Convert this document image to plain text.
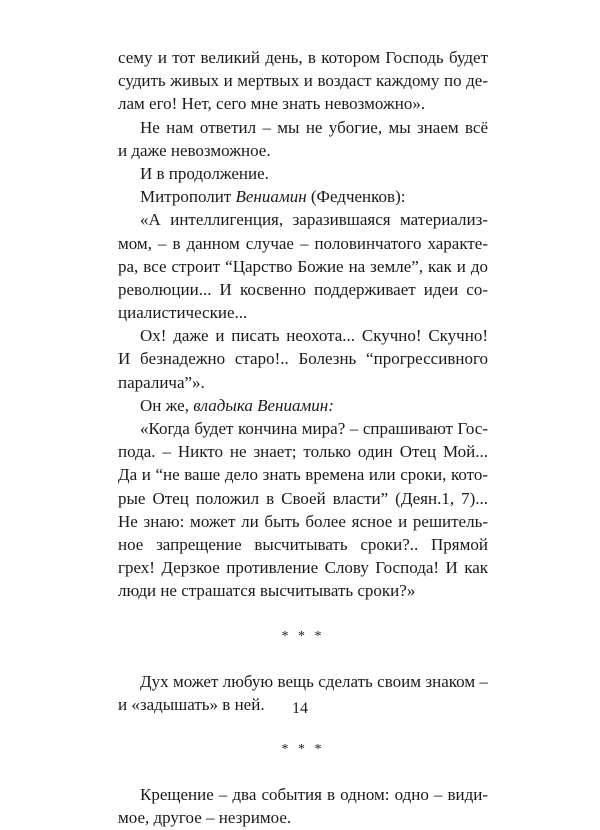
сему и тот великий день, в котором Господь будет
судить живых и мертвых и воздаст каждому по де-
лам его! Нет, сего мне знать невозможно».
Не нам ответил – мы не убогие, мы знаем всё
и даже невозможное.
И в продолжение.
Митрополит Вениамин (Федченков):
«А интеллигенция, заразившаяся материализ-
мом, – в данном случае – половинчатого характе-
ра, все строит “Царство Божие на земле”, как и до
революции... И косвенно поддерживает идеи со-
циалистические...
Ох! даже и писать неохота... Скучно! Скучно!
И безнадежно старо!.. Болезнь “прогрессивного
паралича”».
Он же, владыка Вениамин:
«Когда будет кончина мира? – спрашивают Гос-
пода. – Никто не знает; только один Отец Мой...
Да и “не ваше дело знать времена или сроки, кото-
рые Отец положил в Своей власти” (Деян.1, 7)...
Не знаю: может ли быть более ясное и решитель-
ное запрещение высчитывать сроки?.. Прямой
грех! Дерзкое противление Слову Господа! И как
люди не страшатся высчитывать сроки?»
* * *
Дух может любую вещь сделать своим знаком –
и «задышать» в ней.
* * *
Крещение – два события в одном: одно – види-
мое, другое – незримое.
14
